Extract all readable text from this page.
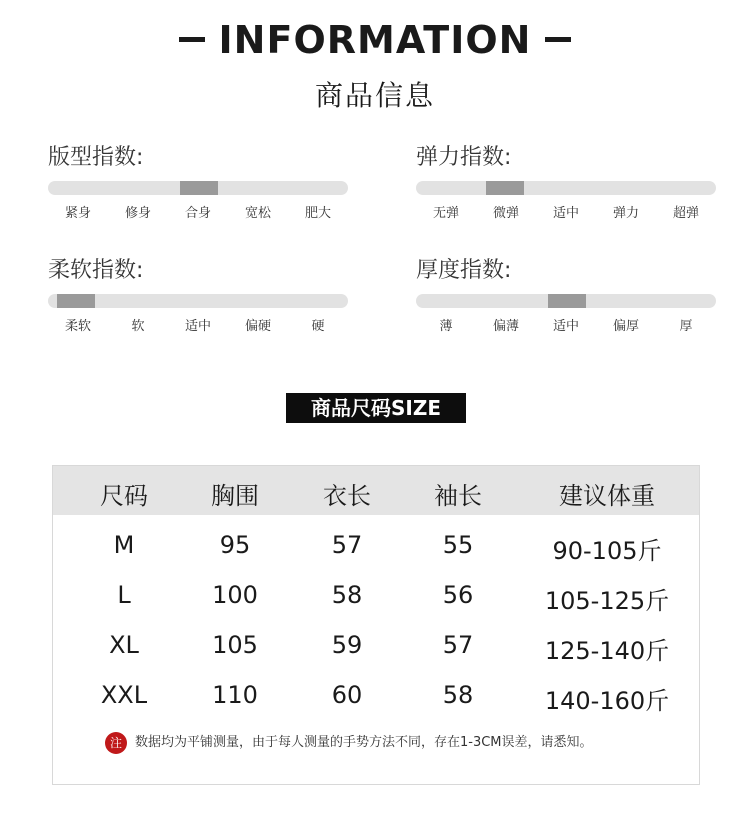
INFORMATION
商品信息
版型指数:
紧身	修身	合身	宽松	肥大
弹力指数:
无弹	微弹	适中	弹力	超弹
柔软指数:
柔软	软	适中	偏硬	硬
厚度指数:
薄	偏薄	适中	偏厚	厚
商品尺码SIZE
尺码	胸围	衣长	袖长	建议体重
M	95	57	55	90-105斤
L	100	58	56	105-125斤
XL	105	59	57	125-140斤
XXL	110	60	58	140-160斤
注 数据均为平铺测量，由于每人测量的手势方法不同，存在1-3CM误差，请悉知。
